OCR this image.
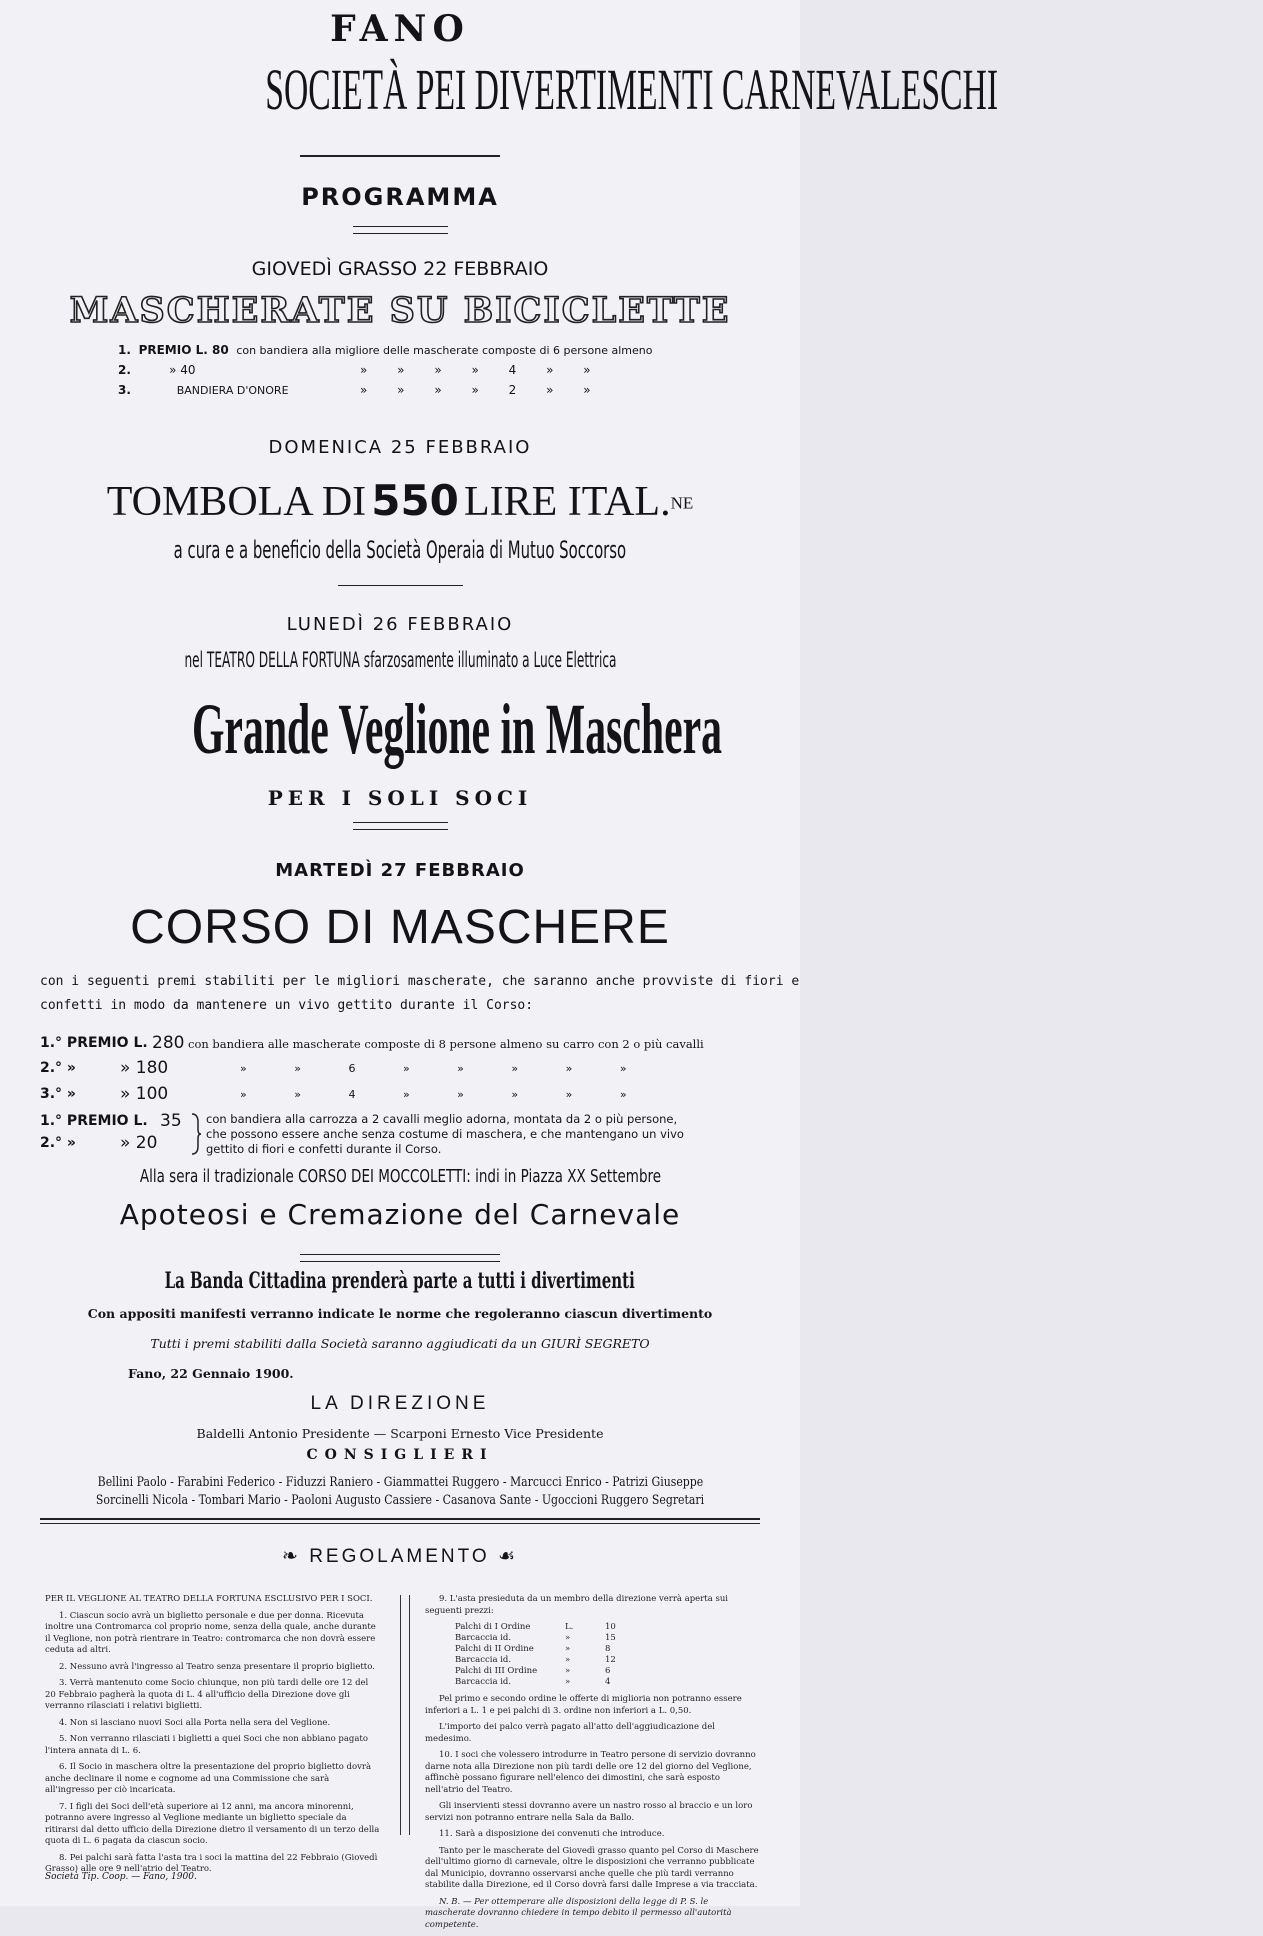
FANO
SOCIETÀ PEI DIVERTIMENTI CARNEVALESCHI
PROGRAMMA
GIOVEDÌ GRASSO 22 FEBBRAIO
MASCHERATE SU BICICLETTE
1. PREMIO L. 80 con bandiera alla migliore delle mascherate composte di 6 persone almeno
2.	» 40	» » » » 4 » »
3.	BANDIERA D'ONORE	» » » » 2 » »
DOMENICA 25 FEBBRAIO
TOMBOLA DI 550 LIRE ITAL.$^{NE}$
a cura e a beneficio della Società Operaia di Mutuo Soccorso
LUNEDÌ 26 FEBBRAIO
nel TEATRO DELLA FORTUNA sfarzosamente illuminato a Luce Elettrica
Grande Veglione in Maschera
PER I SOLI SOCI
MARTEDÌ 27 FEBBRAIO
CORSO DI MASCHERE
con i seguenti premi stabiliti per le migliori mascherate, che saranno anche provviste di fiori e
confetti in modo da mantenere un vivo gettito durante il Corso:
1.° PREMIO L. 280 con bandiera alle mascherate composte di 8 persone almeno su carro con 2 o più cavalli
2.° »	» 180	» » 6 » » » » »
3.° »	» 100	» » 4 » » » » »
1.° PREMIO L. 35
2.° »	» 20
con bandiera alla carrozza a 2 cavalli meglio adorna, montata da 2 o più persone,
che possono essere anche senza costume di maschera, e che mantengano un vivo
gettito di fiori e confetti durante il Corso.
Alla sera il tradizionale CORSO DEI MOCCOLETTI: indi in Piazza XX Settembre
Apoteosi e Cremazione del Carnevale
La Banda Cittadina prenderà parte a tutti i divertimenti
Con appositi manifesti verranno indicate le norme che regoleranno ciascun divertimento
Tutti i premi stabiliti dalla Società saranno aggiudicati da un GIURÌ SEGRETO
Fano, 22 Gennaio 1900.
LA DIREZIONE
Baldelli Antonio Presidente — Scarponi Ernesto Vice Presidente
CONSIGLIERI
Bellini Paolo - Farabini Federico - Fiduzzi Raniero - Giammattei Ruggero - Marcucci Enrico - Patrizi Giuseppe
Sorcinelli Nicola - Tombari Mario - Paoloni Augusto Cassiere - Casanova Sante - Ugoccioni Ruggero Segretari
❧ REGOLAMENTO ☙

PER IL VEGLIONE AL TEATRO DELLA FORTUNA ESCLUSIVO PER I SOCI.

1. Ciascun socio avrà un biglietto personale e due per donna. Ricevuta inoltre una Contromarca col proprio nome, senza della quale, anche durante il Veglione, non potrà rientrare in Teatro: contromarca che non dovrà essere ceduta ad altri.

2. Nessuno avrà l'ingresso al Teatro senza presentare il proprio biglietto.

3. Verrà mantenuto come Socio chiunque, non più tardi delle ore 12 del 20 Febbraio pagherà la quota di L. 4 all'ufficio della Direzione dove gli verranno rilasciati i relativi biglietti.

4. Non si lasciano nuovi Soci alla Porta nella sera del Veglione.

5. Non verranno rilasciati i biglietti a quei Soci che non abbiano pagato l'intera annata di L. 6.

6. Il Socio in maschera oltre la presentazione del proprio biglietto dovrà anche declinare il nome e cognome ad una Commissione che sarà all'ingresso per ciò incaricata.

7. I figli dei Soci dell'età superiore ai 12 anni, ma ancora minorenni, potranno avere ingresso al Veglione mediante un biglietto speciale da ritirarsi dal detto ufficio della Direzione dietro il versamento di un terzo della quota di L. 6 pagata da ciascun socio.

8. Pei palchi sarà fatta l'asta tra i soci la mattina del 22 Febbraio (Giovedì Grasso) alle ore 9 nell'atrio del Teatro.

9. L'asta presieduta da un membro della direzione verrà aperta sui seguenti prezzi:

Palchi di I Ordine	L.	10
Barcaccia id.	»	15
Palchi di II Ordine	»	8
Barcaccia id.	»	12
Palchi di III Ordine	»	6
Barcaccia id.	»	4

Pel primo e secondo ordine le offerte di miglioria non potranno essere inferiori a L. 1 e pei palchi di 3. ordine non inferiori a L. 0,50.

L'importo dei palco verrà pagato all'atto dell'aggiudicazione del medesimo.

10. I soci che volessero introdurre in Teatro persone di servizio dovranno darne nota alla Direzione non più tardi delle ore 12 del giorno del Veglione, affinchè possano figurare nell'elenco dei dimostini, che sarà esposto nell'atrio del Teatro.

Gli inservienti stessi dovranno avere un nastro rosso al braccio e un loro servizi non potranno entrare nella Sala da Ballo.

11. Sarà a disposizione dei convenuti che introduce.

Tanto per le mascherate del Giovedì grasso quanto pel Corso di Maschere dell'ultimo giorno di carnevale, oltre le disposizioni che verranno pubblicate dal Municipio, dovranno osservarsi anche quelle che più tardi verranno stabilite dalla Direzione, ed il Corso dovrà farsi dalle Imprese a via tracciata.

N. B. — Per ottemperare alle disposizioni della legge di P. S. le mascherate dovranno chiedere in tempo debito il permesso all'autorità competente.

Società Tip. Coop. — Fano, 1900.
